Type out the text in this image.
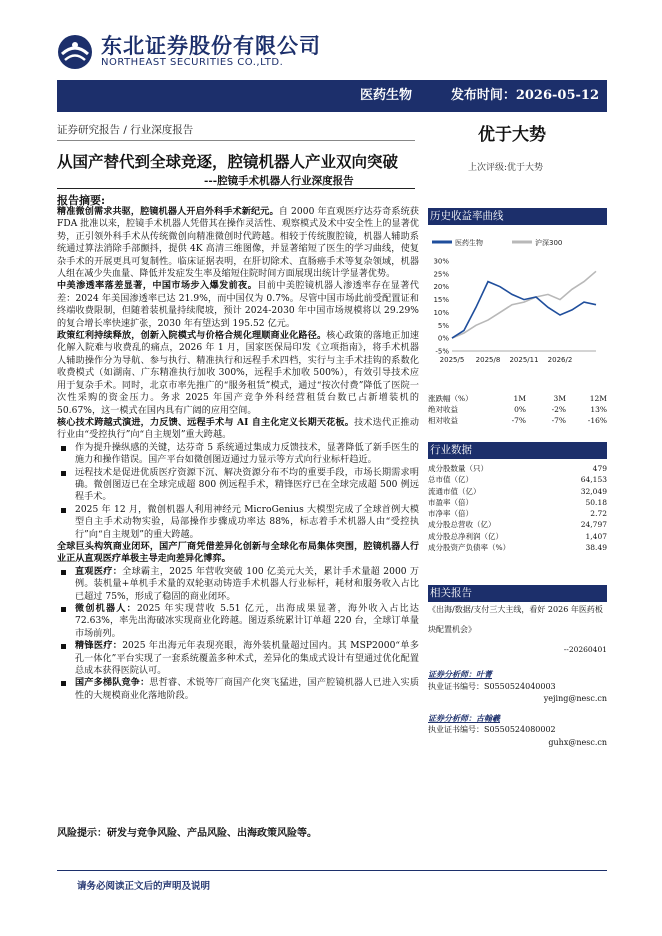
东北证券股份有限公司
NORTHEAST SECURITIES CO.,LTD.
医药生物	发布时间：2026-05-12
证券研究报告 / 行业深度报告	优于大势
上次评级:优于大势
从国产替代到全球竞逐，腔镜机器人产业双向突破
---腔镜手术机器人行业深度报告
报告摘要:

精准微创需求共驱，腔镜机器人开启外科手术新纪元。自 2000 年直观医疗达芬奇系统获 FDA 批准以来，腔镜手术机器人凭借其在操作灵活性、观察模式及术中安全性上的显著优势，正引领外科手术从传统微创向精准微创时代跨越。相较于传统腹腔镜，机器人辅助系统通过算法消除手部颤抖，提供 4K 高清三维图像，并显著缩短了医生的学习曲线，使复杂手术的开展更具可复制性。临床证据表明，在肝切除术、直肠癌手术等复杂领域，机器人组在减少失血量、降低并发症发生率及缩短住院时间方面展现出统计学显著优势。

中美渗透率落差显著，中国市场步入爆发前夜。目前中美腔镜机器人渗透率存在显著代差：2024 年美国渗透率已达 21.9%，而中国仅为 0.7%。尽管中国市场此前受配置证和终端收费限制，但随着装机量持续爬坡，预计 2024-2030 年中国市场规模将以 29.29%的复合增长率快速扩张，2030 年有望达到 195.52 亿元。

政策红利持续释放，创新入院模式与价格合规化理顺商业化路径。核心政策的落地正加速化解入院难与收费乱的痛点，2026 年 1 月，国家医保局印发《立项指南》，将手术机器人辅助操作分为导航、参与执行、精准执行和远程手术四档，实行与主手术挂钩的系数化收费模式（如湖南、广东精准执行加收 300%，远程手术加收 500%），有效引导技术应用于复杂手术。同时，北京市率先推广的“服务租赁”模式，通过“按次付费”降低了医院一次性采购的资金压力。务求 2025 年国产竞争外科经营租赁台数已占新增装机的 50.67%，这一模式在国内具有广阔的应用空间。

核心技术跨越式演进，力反馈、远程手术与 AI 自主化定义长期天花板。技术迭代正推动行业由“受控执行”向“自主规划”重大跨越。

作为提升操纵感的关键，达芬奇 5 系统通过集成力反馈技术，显著降低了新手医生的施力和操作错误。国产平台如微创图迈通过力显示等方式向行业标杆趋近。

远程技术是促进优质医疗资源下沉、解决资源分布不均的重要手段，市场长期需求明确。微创图迈已在全球完成超 800 例远程手术，精锋医疗已在全球完成超 500 例远程手术。

2025 年 12 月，微创机器人利用神经元 MicroGenius 大模型完成了全球首例大模型自主手术动物实验，局部操作步骤成功率达 88%，标志着手术机器人由“受控执行”向“自主规划”的重大跨越。

全球巨头构筑商业闭环，国产厂商凭借差异化创新与全球化布局集体突围，腔镜机器人行业正从直观医疗单极主导走向差异化博弈。

直观医疗：全球霸主，2025 年营收突破 100 亿美元大关，累计手术量超 2000 万例。装机量+单机手术量的双轮驱动铸造手术机器人行业标杆，耗材和服务收入占比已超过 75%，形成了稳固的商业闭环。

微创机器人：2025 年实现营收 5.51 亿元，出海成果显著，海外收入占比达 72.63%，率先出海破冰实现商业化跨越。图迈系统累计订单超 220 台，全球订单量市场前列。

精锋医疗：2025 年出海元年表现亮眼，海外装机量超过国内。其 MSP2000“单多孔一体化”平台实现了一套系统覆盖多种术式，差异化的集成式设计有望通过优化配置总成本获得医院认可。

国产多梯队竞争：思哲睿、术锐等厂商国产化突飞猛进，国产腔镜机器人已进入实质性的大规模商业化落地阶段。

风险提示：研发与竞争风险、产品风险、出海政策风险等。
请务必阅读正文后的声明及说明
历史收益率曲线
30%
25%
20%
15%
10%
5%
0%
-5%
2025/5 2025/8 2025/11 2026/2
医药生物	沪深300
涨跌幅（%）	1M	3M	12M
绝对收益	0%	-2%	13%
相对收益	-7%	-7%	-16%
行业数据
成分股数量（只）	479
总市值（亿）	64,153
流通市值（亿）	32,049
市盈率（倍）	50.18
市净率（倍）	2.72
成分股总营收（亿）	24,797
成分股总净利润（亿）	1,407
成分股资产负债率（%）	38.49
相关报告
《出海/数据/支付三大主线，看好 2026 年医药板块配置机会》
--20260401
证券分析师：叶菁
执业证书编号：S0550524040003
yejing@nesc.cn
证券分析师：古翰羲
执业证书编号：S0550524080002
guhx@nesc.cn
